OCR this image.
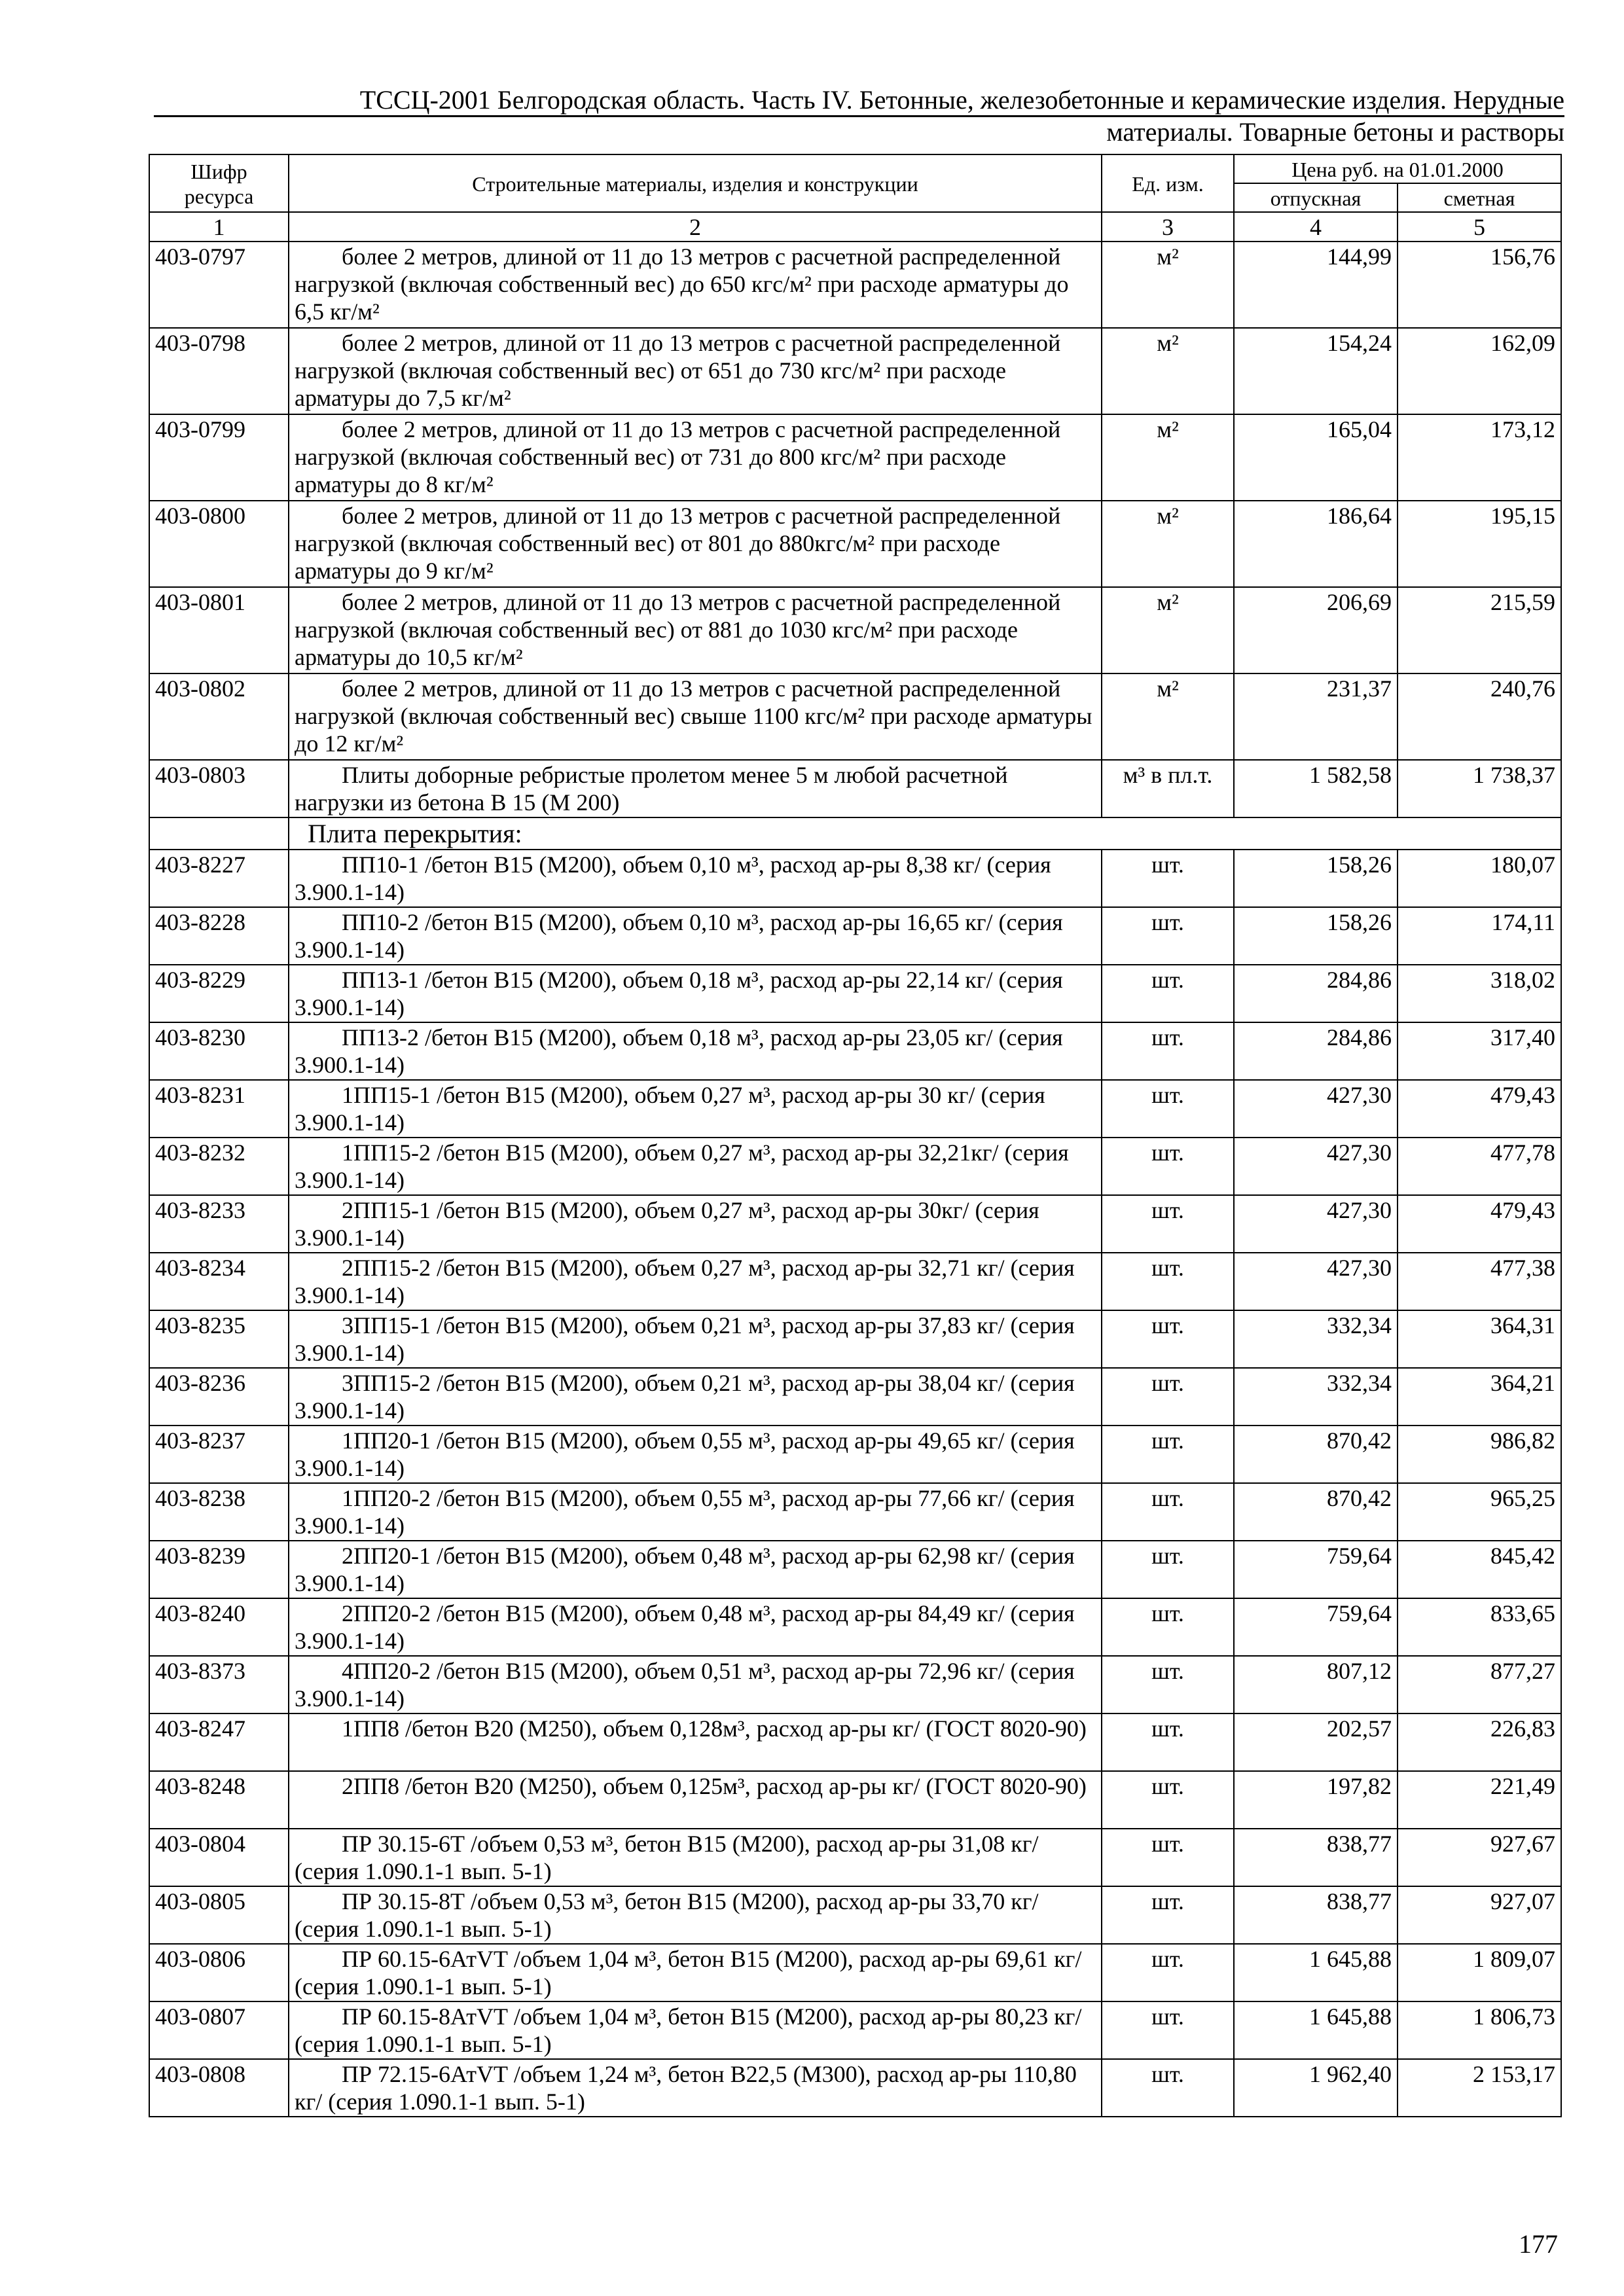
ТССЦ-2001 Белгородская область. Часть IV. Бетонные, железобетонные и керамические изделия. Нерудные
материалы. Товарные бетоны и растворы
Шифр ресурса	Строительные материалы, изделия и конструкции	Ед. изм.	Цена руб. на 01.01.2000	
			отпускная	сметная
1	2	3	4	5
403-0797	более 2 метров, длиной от 11 до 13 метров с расчетной распределенной нагрузкой (включая собственный вес) до 650 кгс/м² при расходе арматуры до 6,5 кг/м²	м²	144,99	156,76
403-0798	более 2 метров, длиной от 11 до 13 метров с расчетной распределенной нагрузкой (включая собственный вес) от 651 до 730 кгс/м² при расходе арматуры до 7,5 кг/м²	м²	154,24	162,09
403-0799	более 2 метров, длиной от 11 до 13 метров с расчетной распределенной нагрузкой (включая собственный вес) от 731 до 800 кгс/м² при расходе арматуры до 8 кг/м²	м²	165,04	173,12
403-0800	более 2 метров, длиной от 11 до 13 метров с расчетной распределенной нагрузкой (включая собственный вес) от 801 до 880кгс/м² при расходе арматуры до 9 кг/м²	м²	186,64	195,15
403-0801	более 2 метров, длиной от 11 до 13 метров с расчетной распределенной нагрузкой (включая собственный вес) от 881 до 1030 кгс/м² при расходе арматуры до 10,5 кг/м²	м²	206,69	215,59
403-0802	более 2 метров, длиной от 11 до 13 метров с расчетной распределенной нагрузкой (включая собственный вес) свыше 1100 кгс/м² при расходе арматуры до 12 кг/м²	м²	231,37	240,76
403-0803	Плиты доборные ребристые пролетом менее 5 м любой расчетной нагрузки из бетона В 15 (М 200)	м³ в пл.т.	1 582,58	1 738,37
	Плита перекрытия:			
403-8227	ПП10-1 /бетон В15 (М200), объем 0,10 м³, расход ар-ры 8,38 кг/ (серия 3.900.1-14)	шт.	158,26	180,07
403-8228	ПП10-2 /бетон В15 (М200), объем 0,10 м³, расход ар-ры 16,65 кг/ (серия 3.900.1-14)	шт.	158,26	174,11
403-8229	ПП13-1 /бетон В15 (М200), объем 0,18 м³, расход ар-ры 22,14 кг/ (серия 3.900.1-14)	шт.	284,86	318,02
403-8230	ПП13-2 /бетон В15 (М200), объем 0,18 м³, расход ар-ры 23,05 кг/ (серия 3.900.1-14)	шт.	284,86	317,40
403-8231	1ПП15-1 /бетон В15 (М200), объем 0,27 м³, расход ар-ры 30 кг/ (серия 3.900.1-14)	шт.	427,30	479,43
403-8232	1ПП15-2 /бетон В15 (М200), объем 0,27 м³, расход ар-ры 32,21кг/ (серия 3.900.1-14)	шт.	427,30	477,78
403-8233	2ПП15-1 /бетон В15 (М200), объем 0,27 м³, расход ар-ры 30кг/ (серия 3.900.1-14)	шт.	427,30	479,43
403-8234	2ПП15-2 /бетон В15 (М200), объем 0,27 м³, расход ар-ры 32,71 кг/ (серия 3.900.1-14)	шт.	427,30	477,38
403-8235	3ПП15-1 /бетон В15 (М200), объем 0,21 м³, расход ар-ры 37,83 кг/ (серия 3.900.1-14)	шт.	332,34	364,31
403-8236	3ПП15-2 /бетон В15 (М200), объем 0,21 м³, расход ар-ры 38,04 кг/ (серия 3.900.1-14)	шт.	332,34	364,21
403-8237	1ПП20-1 /бетон В15 (М200), объем 0,55 м³, расход ар-ры 49,65 кг/ (серия 3.900.1-14)	шт.	870,42	986,82
403-8238	1ПП20-2 /бетон В15 (М200), объем 0,55 м³, расход ар-ры 77,66 кг/ (серия 3.900.1-14)	шт.	870,42	965,25
403-8239	2ПП20-1 /бетон В15 (М200), объем 0,48 м³, расход ар-ры 62,98 кг/ (серия 3.900.1-14)	шт.	759,64	845,42
403-8240	2ПП20-2 /бетон В15 (М200), объем 0,48 м³, расход ар-ры 84,49 кг/ (серия 3.900.1-14)	шт.	759,64	833,65
403-8373	4ПП20-2 /бетон В15 (М200), объем 0,51 м³, расход ар-ры 72,96 кг/ (серия 3.900.1-14)	шт.	807,12	877,27
403-8247	1ПП8 /бетон В20 (М250), объем 0,128м³, расход ар-ры кг/ (ГОСТ 8020-90)	шт.	202,57	226,83
403-8248	2ПП8 /бетон В20 (М250), объем 0,125м³, расход ар-ры кг/ (ГОСТ 8020-90)	шт.	197,82	221,49
403-0804	ПР 30.15-6Т /объем 0,53 м³, бетон В15 (М200), расход ар-ры 31,08 кг/ (серия 1.090.1-1 вып. 5-1)	шт.	838,77	927,67
403-0805	ПР 30.15-8Т /объем 0,53 м³, бетон В15 (М200), расход ар-ры 33,70 кг/ (серия 1.090.1-1 вып. 5-1)	шт.	838,77	927,07
403-0806	ПР 60.15-6АтVТ /объем 1,04 м³, бетон В15 (М200), расход ар-ры 69,61 кг/ (серия 1.090.1-1 вып. 5-1)	шт.	1 645,88	1 809,07
403-0807	ПР 60.15-8АтVТ /объем 1,04 м³, бетон В15 (М200), расход ар-ры 80,23 кг/ (серия 1.090.1-1 вып. 5-1)	шт.	1 645,88	1 806,73
403-0808	ПР 72.15-6АтVТ /объем 1,24 м³, бетон В22,5 (М300), расход ар-ры 110,80 кг/ (серия 1.090.1-1 вып. 5-1)	шт.	1 962,40	2 153,17
177
